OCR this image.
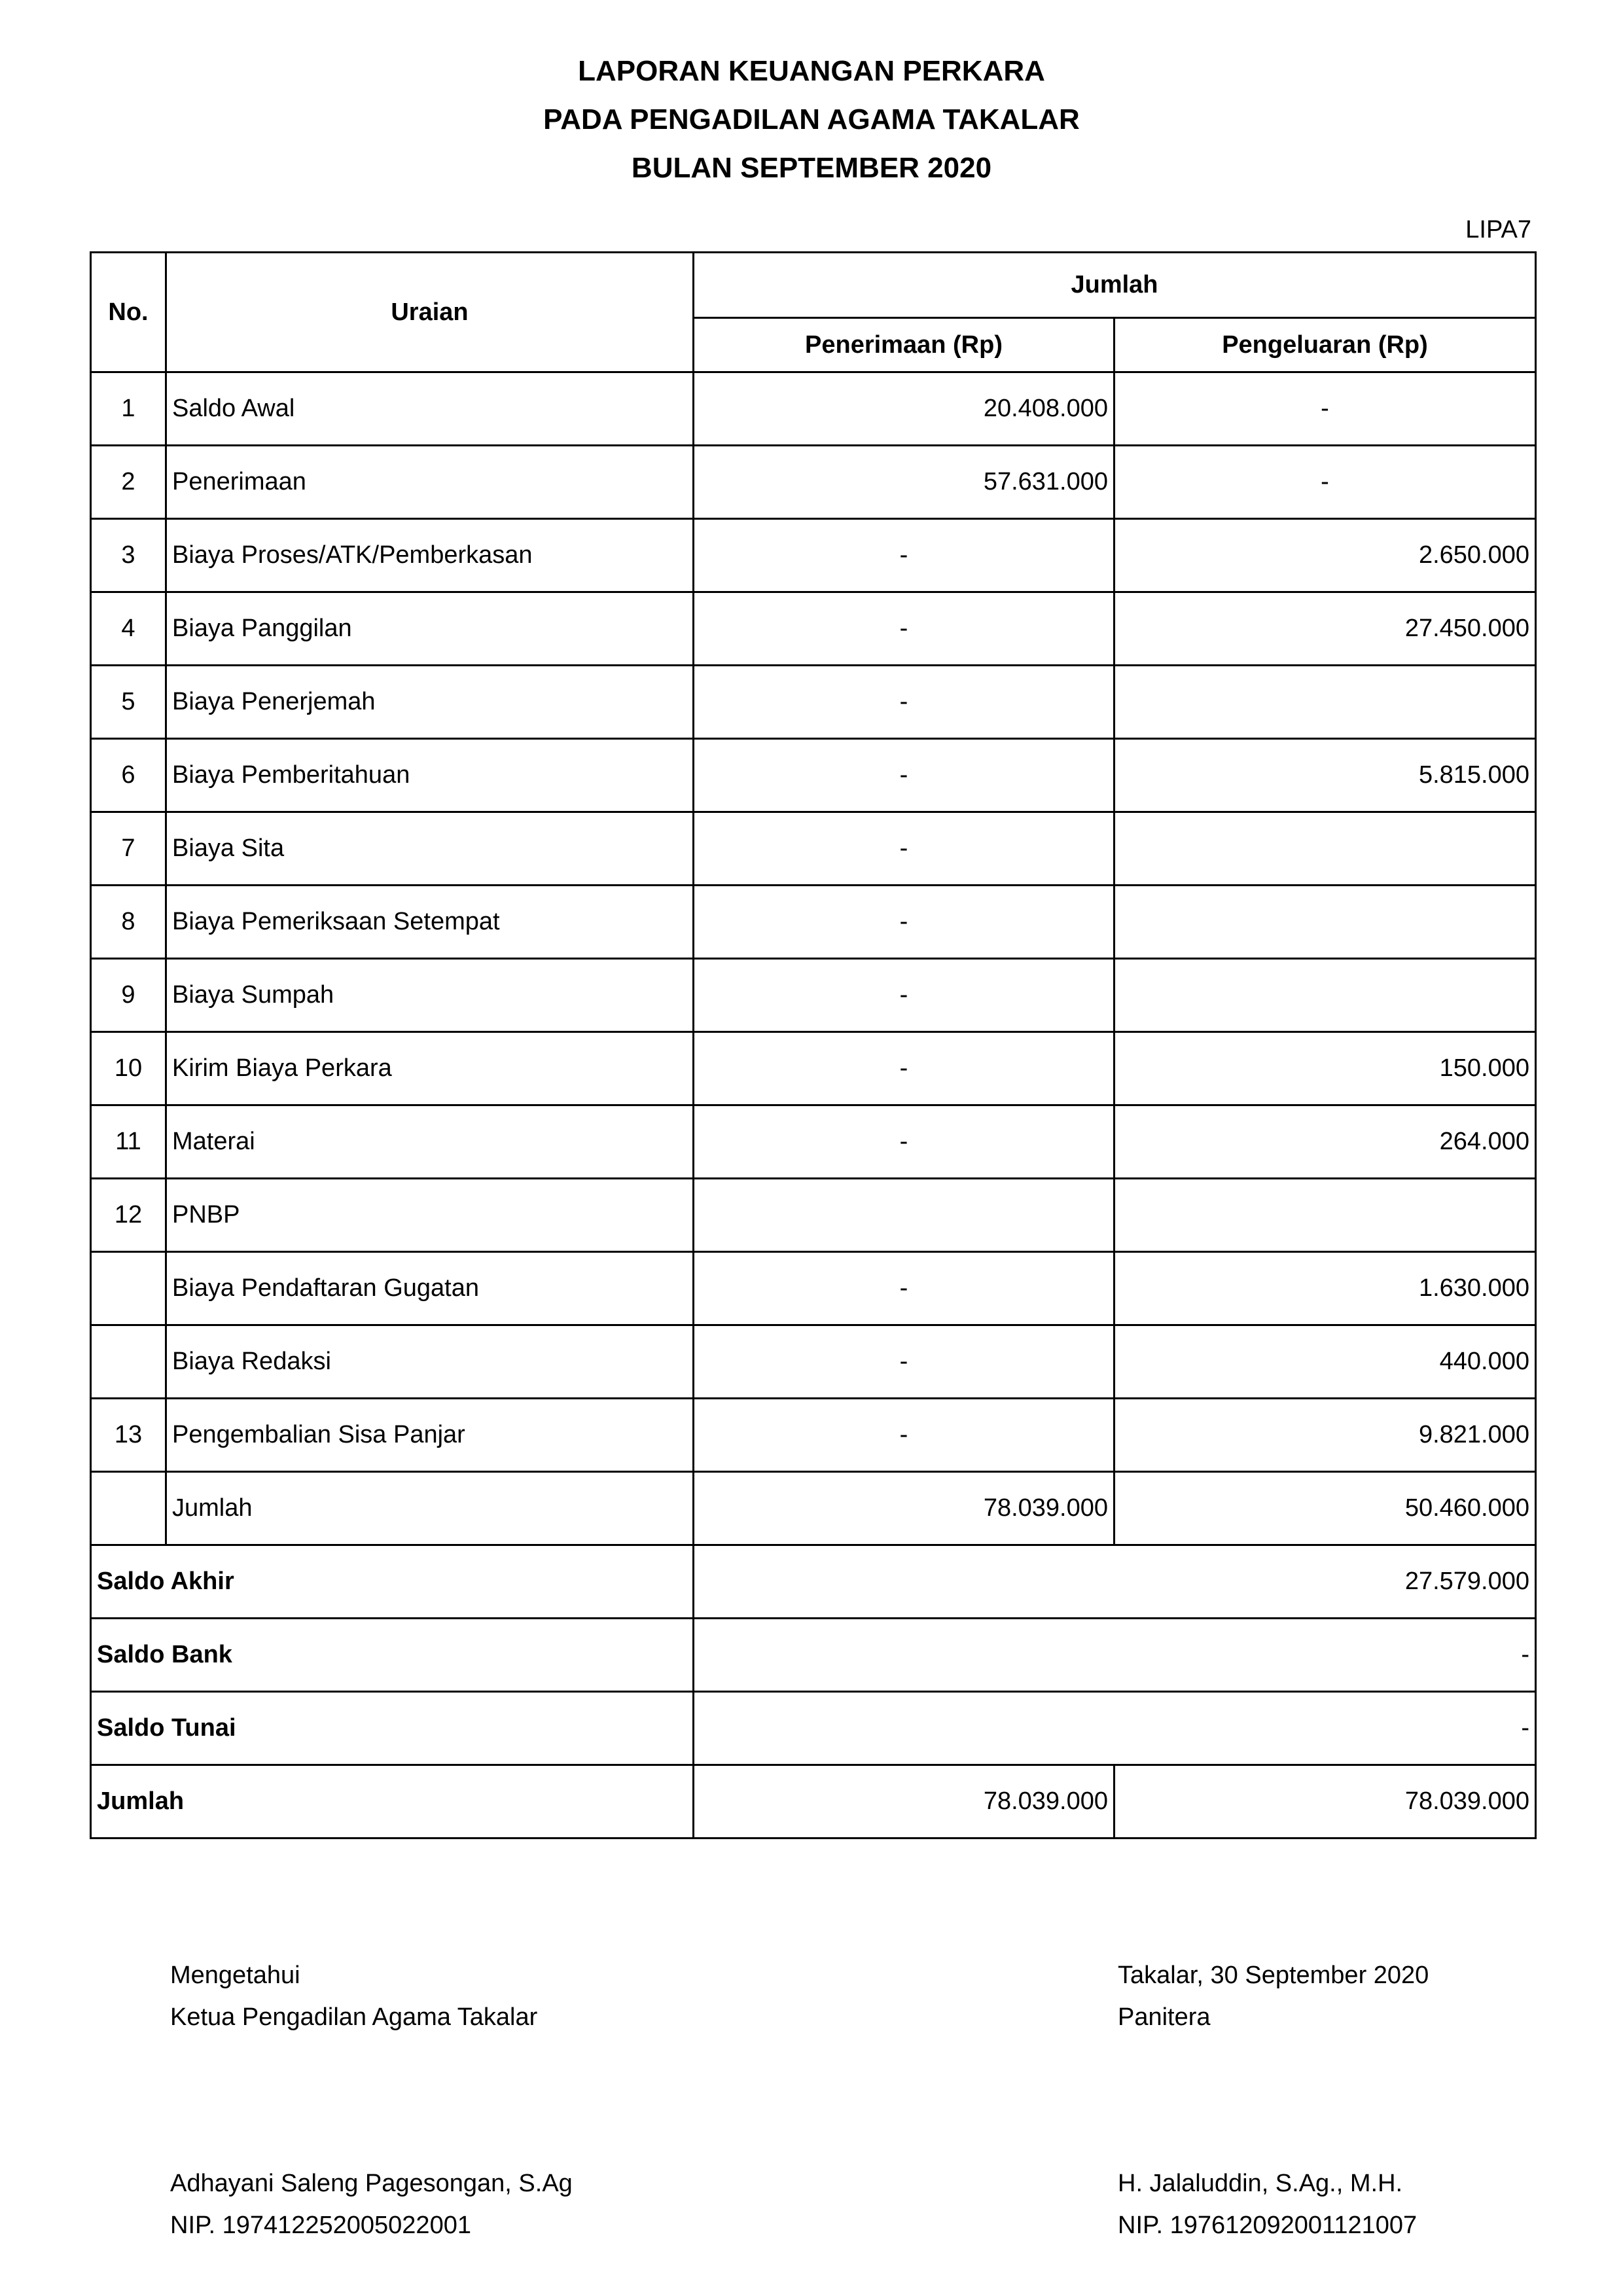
LAPORAN KEUANGAN PERKARA
PADA PENGADILAN AGAMA TAKALAR
BULAN SEPTEMBER 2020
LIPA7
No.	Uraian	Jumlah	
		Penerimaan (Rp)	Pengeluaran (Rp)
1	Saldo Awal	20.408.000	-
2	Penerimaan	57.631.000	-
3	Biaya Proses/ATK/Pemberkasan	-	2.650.000
4	Biaya Panggilan	-	27.450.000
5	Biaya Penerjemah	-	
6	Biaya Pemberitahuan	-	5.815.000
7	Biaya Sita	-	
8	Biaya Pemeriksaan Setempat	-	
9	Biaya Sumpah	-	
10	Kirim Biaya Perkara	-	150.000
11	Materai	-	264.000
12	PNBP		
	Biaya Pendaftaran Gugatan	-	1.630.000
	Biaya Redaksi	-	440.000
13	Pengembalian Sisa Panjar	-	9.821.000
	Jumlah	78.039.000	50.460.000
Saldo Akhir		27.579.000	
Saldo Bank		-	
Saldo Tunai		-	
Jumlah		78.039.000	78.039.000
Mengetahui
Ketua Pengadilan Agama Takalar
Takalar, 30 September 2020
Panitera
Adhayani Saleng Pagesongan, S.Ag
NIP. 197412252005022001
H. Jalaluddin, S.Ag., M.H.
NIP. 197612092001121007
